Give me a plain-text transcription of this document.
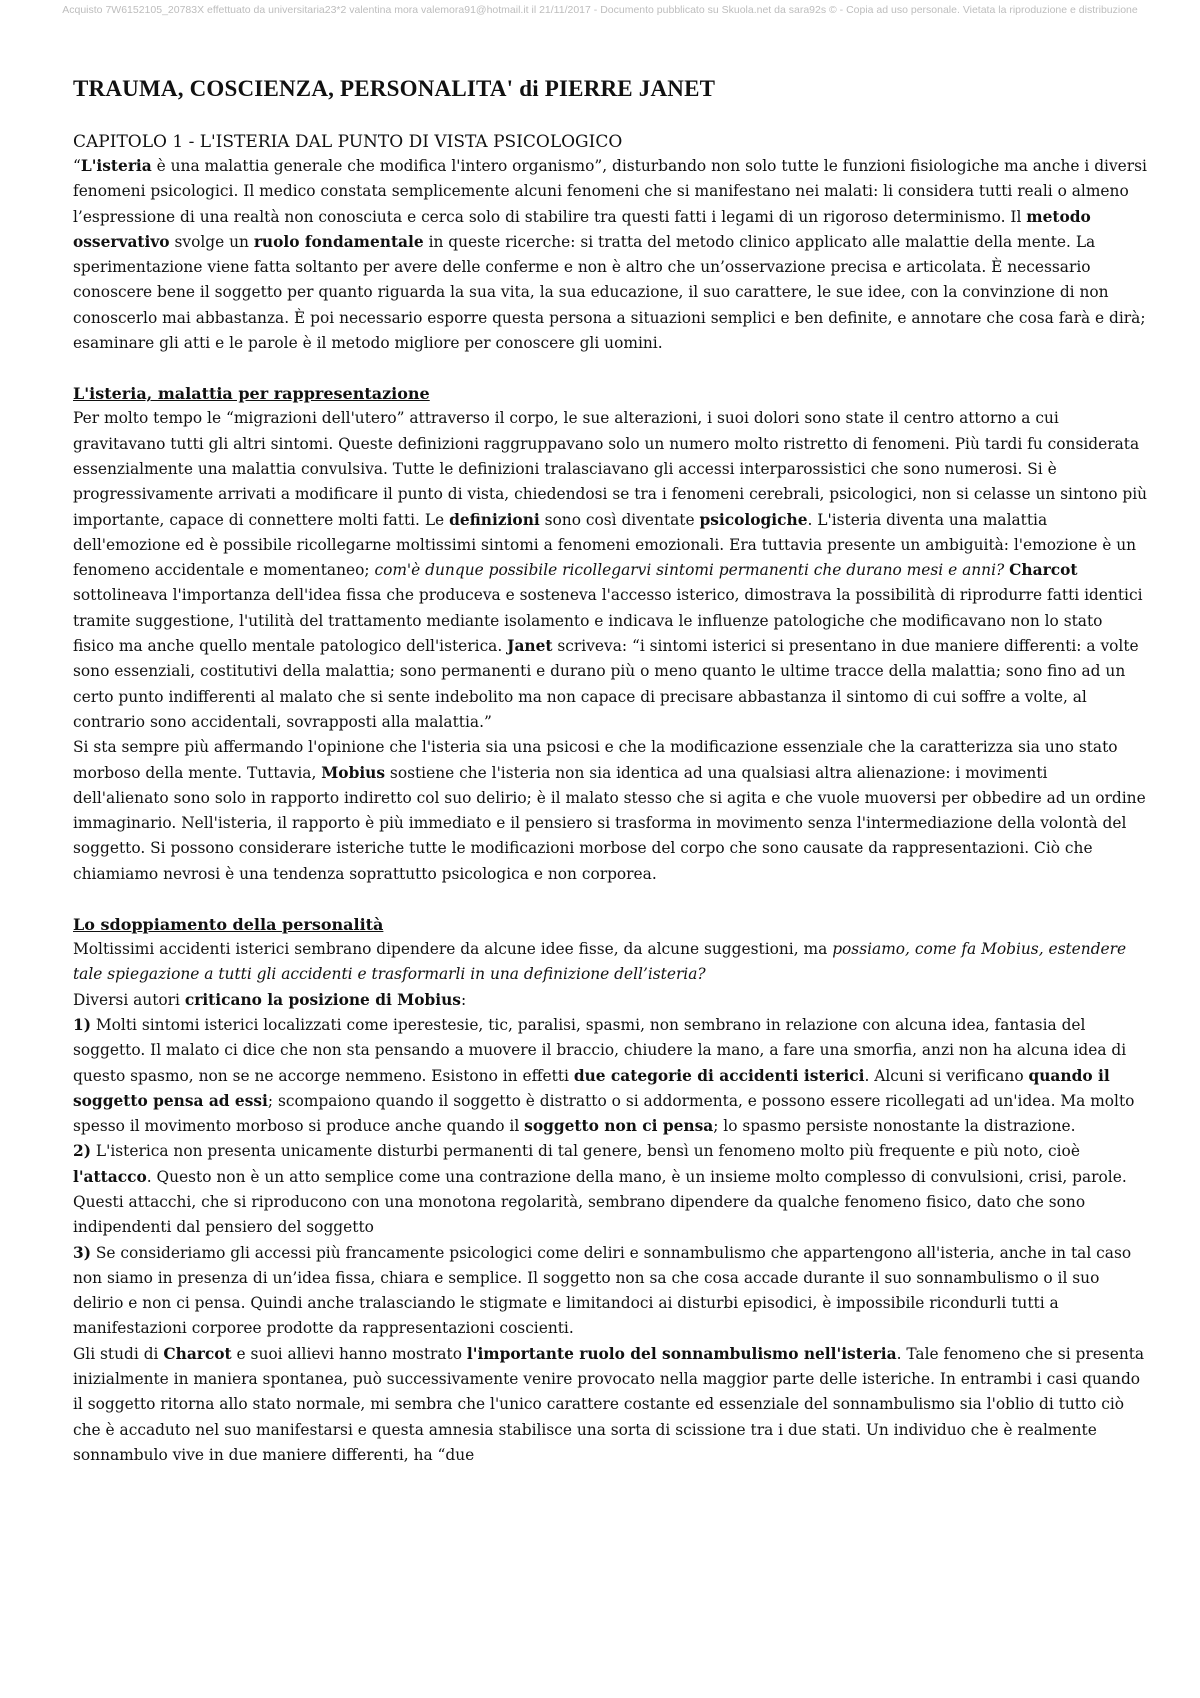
Acquisto 7W6152105_20783X effettuato da universitaria23*2 valentina mora valemora91@hotmail.it il 21/11/2017 - Documento pubblicato su Skuola.net da sara92s © - Copia ad uso personale. Vietata la riproduzione e distribuzione
TRAUMA, COSCIENZA, PERSONALITA' di PIERRE JANET
CAPITOLO 1 - L'ISTERIA DAL PUNTO DI VISTA PSICOLOGICO

“L'isteria è una malattia generale che modifica l'intero organismo”, disturbando non solo tutte le funzioni fisiologiche ma anche i diversi fenomeni psicologici. Il medico constata semplicemente alcuni fenomeni che si manifestano nei malati: li considera tutti reali o almeno l’espressione di una realtà non conosciuta e cerca solo di stabilire tra questi fatti i legami di un rigoroso determinismo. Il metodo osservativo svolge un ruolo fondamentale in queste ricerche: si tratta del metodo clinico applicato alle malattie della mente. La sperimentazione viene fatta soltanto per avere delle conferme e non è altro che un’osservazione precisa e articolata. È necessario conoscere bene il soggetto per quanto riguarda la sua vita, la sua educazione, il suo carattere, le sue idee, con la convinzione di non conoscerlo mai abbastanza. È poi necessario esporre questa persona a situazioni semplici e ben definite, e annotare che cosa farà e dirà; esaminare gli atti e le parole è il metodo migliore per conoscere gli uomini.

L'isteria, malattia per rappresentazione

Per molto tempo le “migrazioni dell'utero” attraverso il corpo, le sue alterazioni, i suoi dolori sono state il centro attorno a cui gravitavano tutti gli altri sintomi. Queste definizioni raggruppavano solo un numero molto ristretto di fenomeni. Più tardi fu considerata essenzialmente una malattia convulsiva. Tutte le definizioni tralasciavano gli accessi interparossistici che sono numerosi. Si è progressivamente arrivati a modificare il punto di vista, chiedendosi se tra i fenomeni cerebrali, psicologici, non si celasse un sintono più importante, capace di connettere molti fatti. Le definizioni sono così diventate psicologiche. L'isteria diventa una malattia dell'emozione ed è possibile ricollegarne moltissimi sintomi a fenomeni emozionali. Era tuttavia presente un ambiguità: l'emozione è un fenomeno accidentale e momentaneo; com'è dunque possibile ricollegarvi sintomi permanenti che durano mesi e anni? Charcot sottolineava l'importanza dell'idea fissa che produceva e sosteneva l'accesso isterico, dimostrava la possibilità di riprodurre fatti identici tramite suggestione, l'utilità del trattamento mediante isolamento e indicava le influenze patologiche che modificavano non lo stato fisico ma anche quello mentale patologico dell'isterica. Janet scriveva: “i sintomi isterici si presentano in due maniere differenti: a volte sono essenziali, costitutivi della malattia; sono permanenti e durano più o meno quanto le ultime tracce della malattia; sono fino ad un certo punto indifferenti al malato che si sente indebolito ma non capace di precisare abbastanza il sintomo di cui soffre a volte, al contrario sono accidentali, sovrapposti alla malattia.”

Si sta sempre più affermando l'opinione che l'isteria sia una psicosi e che la modificazione essenziale che la caratterizza sia uno stato morboso della mente. Tuttavia, Mobius sostiene che l'isteria non sia identica ad una qualsiasi altra alienazione: i movimenti dell'alienato sono solo in rapporto indiretto col suo delirio; è il malato stesso che si agita e che vuole muoversi per obbedire ad un ordine immaginario. Nell'isteria, il rapporto è più immediato e il pensiero si trasforma in movimento senza l'intermediazione della volontà del soggetto. Si possono considerare isteriche tutte le modificazioni morbose del corpo che sono causate da rappresentazioni. Ciò che chiamiamo nevrosi è una tendenza soprattutto psicologica e non corporea.

Lo sdoppiamento della personalità

Moltissimi accidenti isterici sembrano dipendere da alcune idee fisse, da alcune suggestioni, ma possiamo, come fa Mobius, estendere tale spiegazione a tutti gli accidenti e trasformarli in una definizione dell’isteria?

Diversi autori criticano la posizione di Mobius:

1) Molti sintomi isterici localizzati come iperestesie, tic, paralisi, spasmi, non sembrano in relazione con alcuna idea, fantasia del soggetto. Il malato ci dice che non sta pensando a muovere il braccio, chiudere la mano, a fare una smorfia, anzi non ha alcuna idea di questo spasmo, non se ne accorge nemmeno. Esistono in effetti due categorie di accidenti isterici. Alcuni si verificano quando il soggetto pensa ad essi; scompaiono quando il soggetto è distratto o si addormenta, e possono essere ricollegati ad un'idea. Ma molto spesso il movimento morboso si produce anche quando il soggetto non ci pensa; lo spasmo persiste nonostante la distrazione.

2) L'isterica non presenta unicamente disturbi permanenti di tal genere, bensì un fenomeno molto più frequente e più noto, cioè l'attacco. Questo non è un atto semplice come una contrazione della mano, è un insieme molto complesso di convulsioni, crisi, parole. Questi attacchi, che si riproducono con una monotona regolarità, sembrano dipendere da qualche fenomeno fisico, dato che sono indipendenti dal pensiero del soggetto

3) Se consideriamo gli accessi più francamente psicologici come deliri e sonnambulismo che appartengono all'isteria, anche in tal caso non siamo in presenza di un’idea fissa, chiara e semplice. Il soggetto non sa che cosa accade durante il suo sonnambulismo o il suo delirio e non ci pensa. Quindi anche tralasciando le stigmate e limitandoci ai disturbi episodici, è impossibile ricondurli tutti a manifestazioni corporee prodotte da rappresentazioni coscienti.

Gli studi di Charcot e suoi allievi hanno mostrato l'importante ruolo del sonnambulismo nell'isteria. Tale fenomeno che si presenta inizialmente in maniera spontanea, può successivamente venire provocato nella maggior parte delle isteriche. In entrambi i casi quando il soggetto ritorna allo stato normale, mi sembra che l'unico carattere costante ed essenziale del sonnambulismo sia l'oblio di tutto ciò che è accaduto nel suo manifestarsi e questa amnesia stabilisce una sorta di scissione tra i due stati. Un individuo che è realmente sonnambulo vive in due maniere differenti, ha “due
